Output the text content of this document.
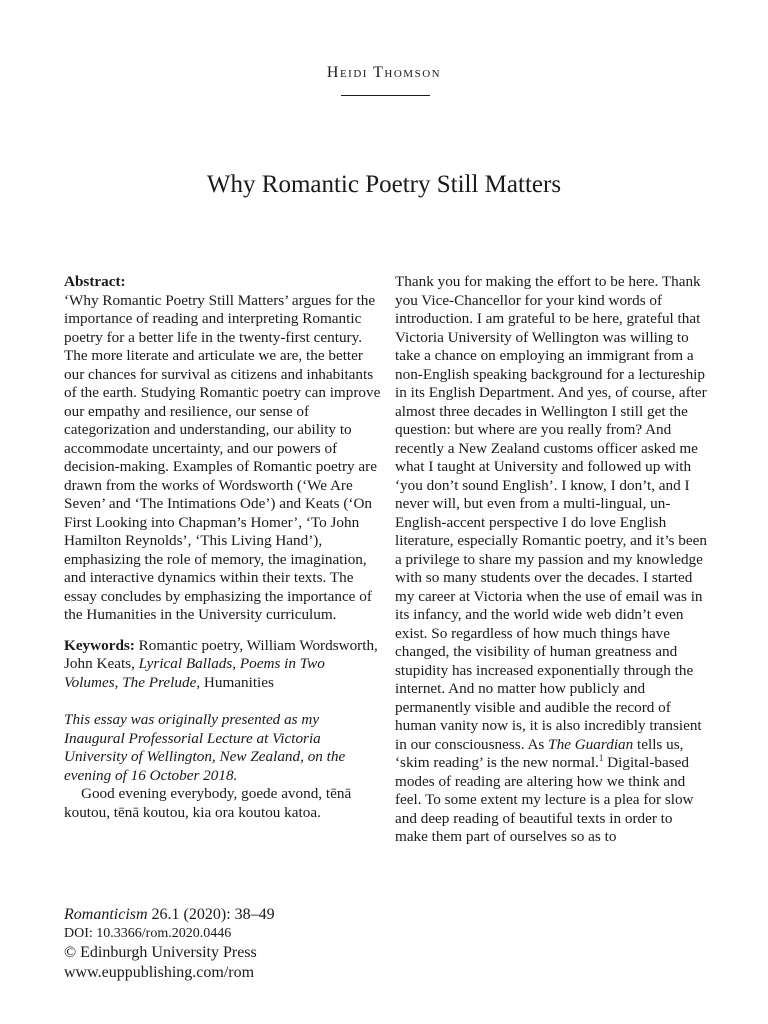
Heidi Thomson
Why Romantic Poetry Still Matters

Abstract:
‘Why Romantic Poetry Still Matters’ argues for the importance of reading and interpreting Romantic poetry for a better life in the twenty-first century. The more literate and articulate we are, the better our chances for survival as citizens and inhabitants of the earth. Studying Romantic poetry can improve our empathy and resilience, our sense of categorization and understanding, our ability to accommodate uncertainty, and our powers of decision-making. Examples of Romantic poetry are drawn from the works of Wordsworth (‘We Are Seven’ and ‘The Intimations Ode’) and Keats (‘On First Looking into Chapman’s Homer’, ‘To John Hamilton Reynolds’, ‘This Living Hand’), emphasizing the role of memory, the imagination, and interactive dynamics within their texts. The essay concludes by emphasizing the importance of the Humanities in the University curriculum.

Keywords: Romantic poetry, William Wordsworth, John Keats, Lyrical Ballads, Poems in Two Volumes, The Prelude, Humanities

This essay was originally presented as my Inaugural Professorial Lecture at Victoria University of Wellington, New Zealand, on the evening of 16 October 2018.

Good evening everybody, goede avond, tēnā koutou, tēnā koutou, kia ora koutou katoa.

Thank you for making the effort to be here. Thank you Vice-Chancellor for your kind words of introduction. I am grateful to be here, grateful that Victoria University of Wellington was willing to take a chance on employing an immigrant from a non-English speaking background for a lectureship in its English Department. And yes, of course, after almost three decades in Wellington I still get the question: but where are you really from? And recently a New Zealand customs officer asked me what I taught at University and followed up with ‘you don’t sound English’. I know, I don’t, and I never will, but even from a multi-lingual, un-English-accent perspective I do love English literature, especially Romantic poetry, and it’s been a privilege to share my passion and my knowledge with so many students over the decades. I started my career at Victoria when the use of email was in its infancy, and the world wide web didn’t even exist. So regardless of how much things have changed, the visibility of human greatness and stupidity has increased exponentially through the internet. And no matter how publicly and permanently visible and audible the record of human vanity now is, it is also incredibly transient in our consciousness. As The Guardian tells us, ‘skim reading’ is the new normal.$^1$ Digital-based modes of reading are altering how we think and feel. To some extent my lecture is a plea for slow and deep reading of beautiful texts in order to make them part of ourselves so as to

Romanticism 26.1 (2020): 38–49
DOI: 10.3366/rom.2020.0446
© Edinburgh University Press
www.euppublishing.com/rom
